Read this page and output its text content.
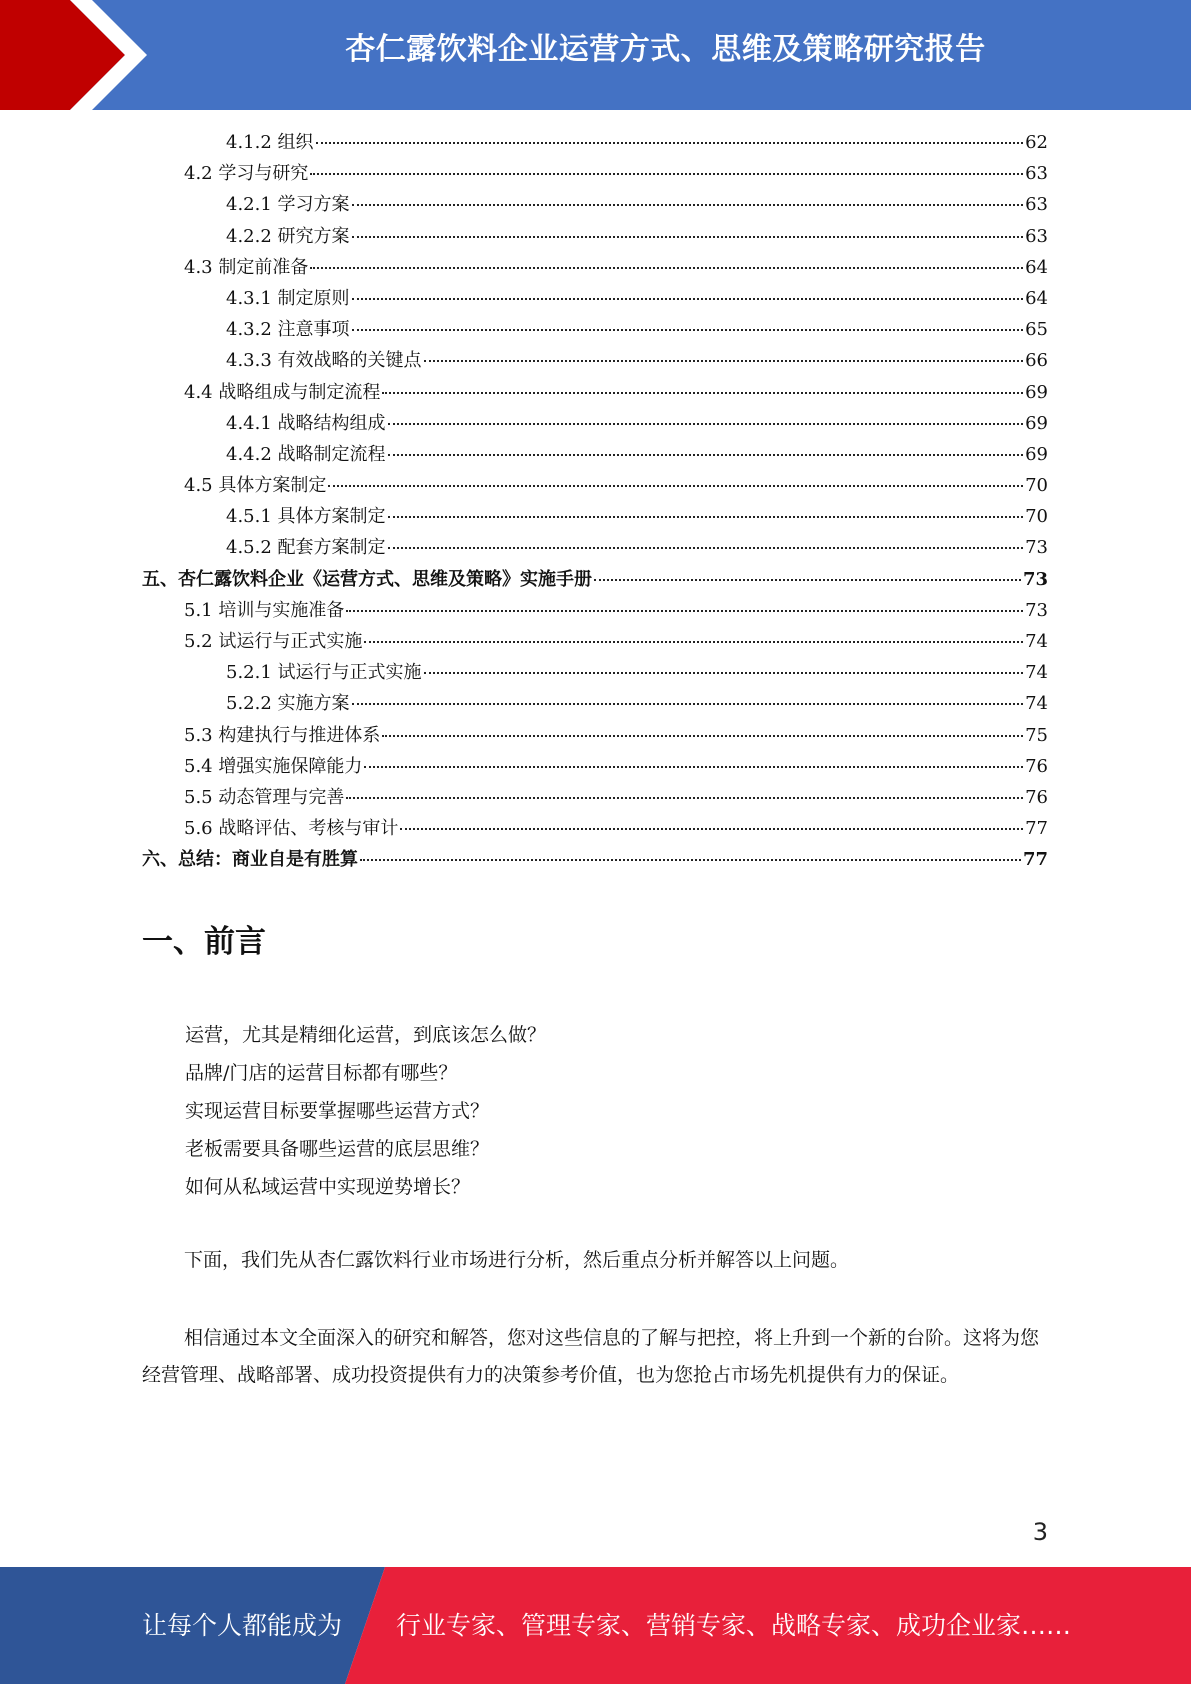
杏仁露饮料企业运营方式、思维及策略研究报告
4.1.2 组织	62
4.2 学习与研究	63
4.2.1 学习方案	63
4.2.2 研究方案	63
4.3 制定前准备	64
4.3.1 制定原则	64
4.3.2 注意事项	65
4.3.3 有效战略的关键点	66
4.4 战略组成与制定流程	69
4.4.1 战略结构组成	69
4.4.2 战略制定流程	69
4.5 具体方案制定	70
4.5.1 具体方案制定	70
4.5.2 配套方案制定	73
五、杏仁露饮料企业《运营方式、思维及策略》实施手册	73
5.1 培训与实施准备	73
5.2 试运行与正式实施	74
5.2.1 试运行与正式实施	74
5.2.2 实施方案	74
5.3 构建执行与推进体系	75
5.4 增强实施保障能力	76
5.5 动态管理与完善	76
5.6 战略评估、考核与审计	77
六、总结：商业自是有胜算	77
一、前言
运营，尤其是精细化运营，到底该怎么做？
品牌/门店的运营目标都有哪些？
实现运营目标要掌握哪些运营方式？
老板需要具备哪些运营的底层思维？
如何从私域运营中实现逆势增长？
下面，我们先从杏仁露饮料行业市场进行分析，然后重点分析并解答以上问题。
相信通过本文全面深入的研究和解答，您对这些信息的了解与把控，将上升到一个新的台阶。这将为您经营管理、战略部署、成功投资提供有力的决策参考价值，也为您抢占市场先机提供有力的保证。
3
让每个人都能成为 行业专家、管理专家、营销专家、战略专家、成功企业家……
